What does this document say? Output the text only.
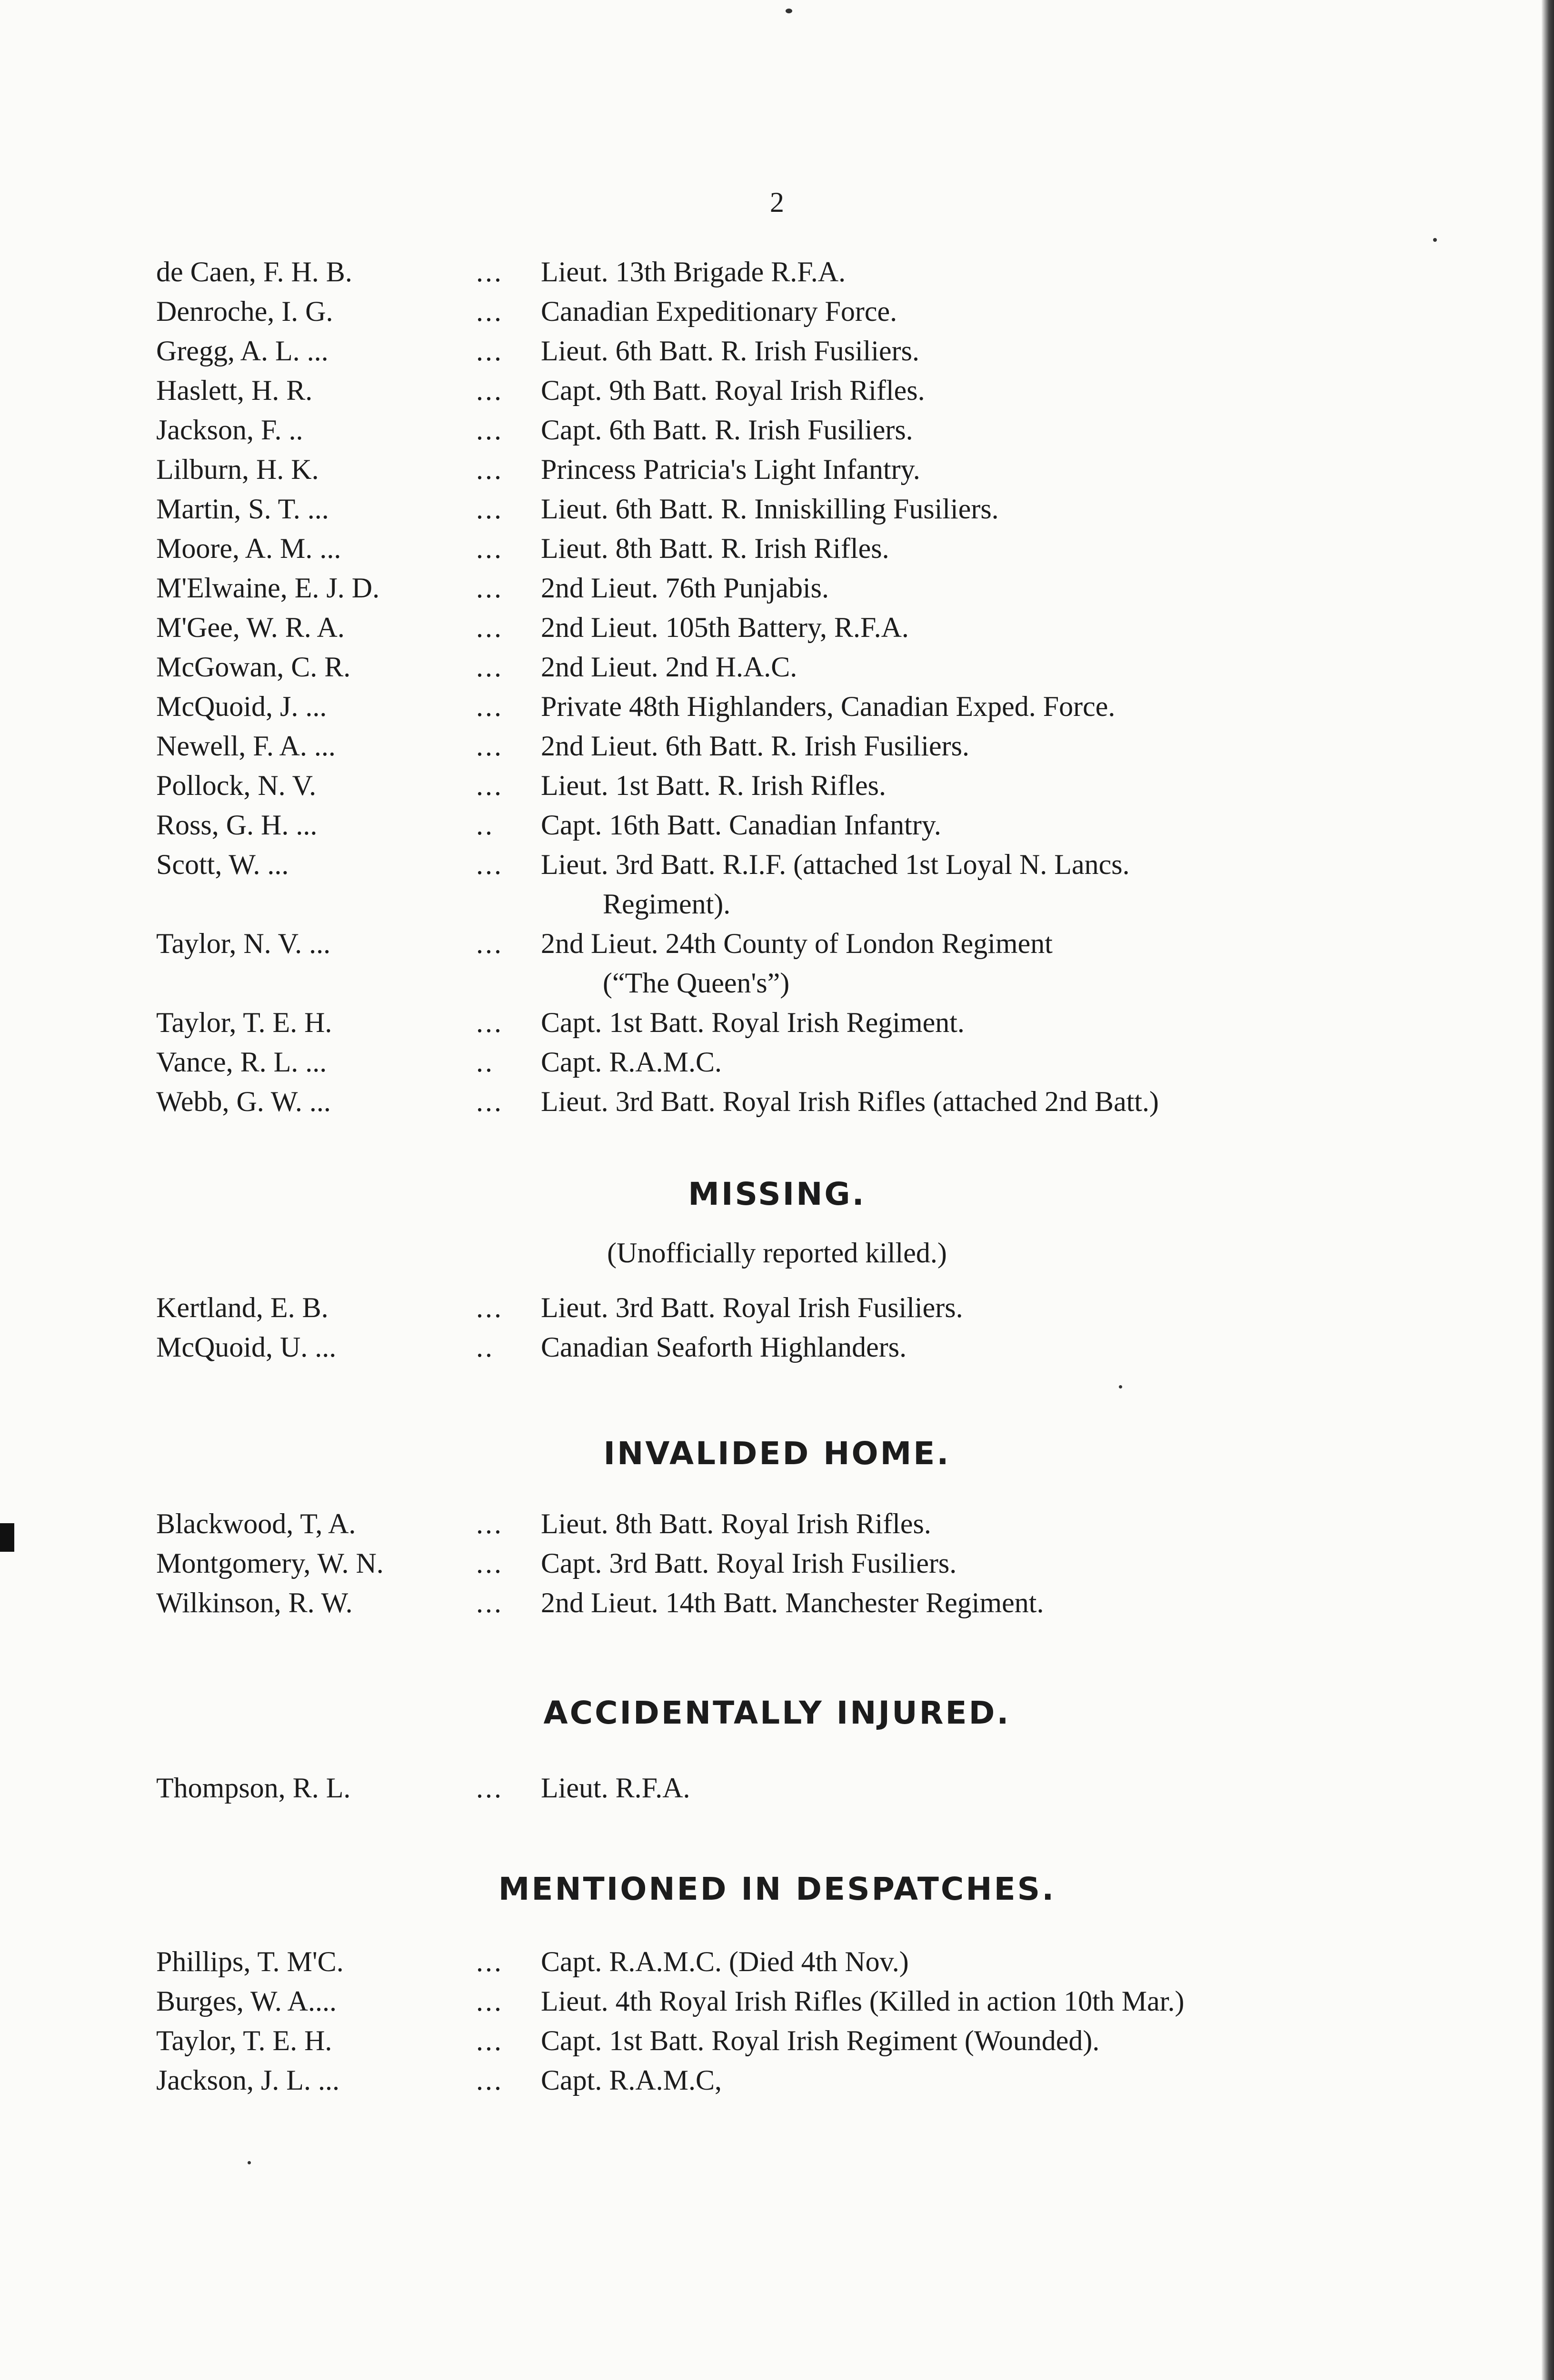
2
de Caen, F. H. B.	... Lieut. 13th Brigade R.F.A.
Denroche, I. G.	... Canadian Expeditionary Force.
Gregg, A. L. ...	... Lieut. 6th Batt. R. Irish Fusiliers.
Haslett, H. R.	... Capt. 9th Batt. Royal Irish Rifles.
Jackson, F. ..	... Capt. 6th Batt. R. Irish Fusiliers.
Lilburn, H. K.	... Princess Patricia's Light Infantry.
Martin, S. T. ...	... Lieut. 6th Batt. R. Inniskilling Fusiliers.
Moore, A. M. ...	... Lieut. 8th Batt. R. Irish Rifles.
M'Elwaine, E. J. D.	... 2nd Lieut. 76th Punjabis.
M'Gee, W. R. A.	... 2nd Lieut. 105th Battery, R.F.A.
McGowan, C. R.	... 2nd Lieut. 2nd H.A.C.
McQuoid, J. ...	... Private 48th Highlanders, Canadian Exped. Force.
Newell, F. A. ...	... 2nd Lieut. 6th Batt. R. Irish Fusiliers.
Pollock, N. V.	... Lieut. 1st Batt. R. Irish Rifles.
Ross, G. H. ...	.. Capt. 16th Batt. Canadian Infantry.
Scott, W. ...	... Lieut. 3rd Batt. R.I.F. (attached 1st Loyal N. Lancs.
Regiment).
Taylor, N. V. ...	... 2nd Lieut. 24th County of London Regiment
(“The Queen's”)
Taylor, T. E. H.	... Capt. 1st Batt. Royal Irish Regiment.
Vance, R. L. ...	.. Capt. R.A.M.C.
Webb, G. W. ...	... Lieut. 3rd Batt. Royal Irish Rifles (attached 2nd Batt.)
MISSING.
(Unofficially reported killed.)
Kertland, E. B.	... Lieut. 3rd Batt. Royal Irish Fusiliers.
McQuoid, U. ...	.. Canadian Seaforth Highlanders.
INVALIDED HOME.
Blackwood, T, A.	... Lieut. 8th Batt. Royal Irish Rifles.
Montgomery, W. N.	... Capt. 3rd Batt. Royal Irish Fusiliers.
Wilkinson, R. W.	... 2nd Lieut. 14th Batt. Manchester Regiment.
ACCIDENTALLY INJURED.
Thompson, R. L.	... Lieut. R.F.A.
MENTIONED IN DESPATCHES.
Phillips, T. M'C.	... Capt. R.A.M.C. (Died 4th Nov.)
Burges, W. A....	... Lieut. 4th Royal Irish Rifles (Killed in action 10th Mar.)
Taylor, T. E. H.	... Capt. 1st Batt. Royal Irish Regiment (Wounded).
Jackson, J. L. ...	... Capt. R.A.M.C,
